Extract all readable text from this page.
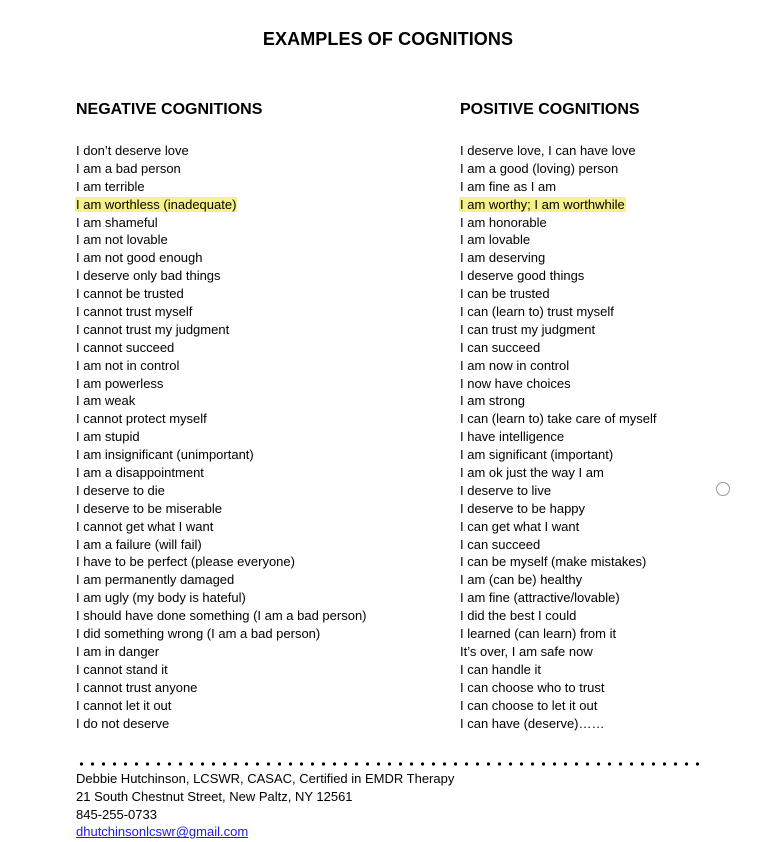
EXAMPLES OF COGNITIONS
NEGATIVE COGNITIONS
I don’t deserve love
I am a bad person
I am terrible
I am worthless (inadequate)
I am shameful
I am not lovable
I am not good enough
I deserve only bad things
I cannot be trusted
I cannot trust myself
I cannot trust my judgment
I cannot succeed
I am not in control
I am powerless
I am weak
I cannot protect myself
I am stupid
I am insignificant (unimportant)
I am a disappointment
I deserve to die
I deserve to be miserable
I cannot get what I want
I am a failure (will fail)
I have to be perfect (please everyone)
I am permanently damaged
I am ugly (my body is hateful)
I should have done something (I am a bad person)
I did something wrong (I am a bad person)
I am in danger
I cannot stand it
I cannot trust anyone
I cannot let it out
I do not deserve
POSITIVE COGNITIONS
I deserve love, I can have love
I am a good (loving) person
I am fine as I am
I am worthy; I am worthwhile
I am honorable
I am lovable
I am deserving
I deserve good things
I can be trusted
I can (learn to) trust myself
I can trust my judgment
I can succeed
I am now in control
I now have choices
I am strong
I can (learn to) take care of myself
I have intelligence
I am significant (important)
I am ok just the way I am
I deserve to live
I deserve to be happy
I can get what I want
I can succeed
I can be myself (make mistakes)
I am (can be) healthy
I am fine (attractive/lovable)
I did the best I could
I learned (can learn) from it
It’s over, I am safe now
I can handle it
I can choose who to trust
I can choose to let it out
I can have (deserve)……
Debbie Hutchinson, LCSWR, CASAC, Certified in EMDR Therapy
21 South Chestnut Street, New Paltz, NY 12561
845-255-0733
dhutchinsonlcswr@gmail.com
